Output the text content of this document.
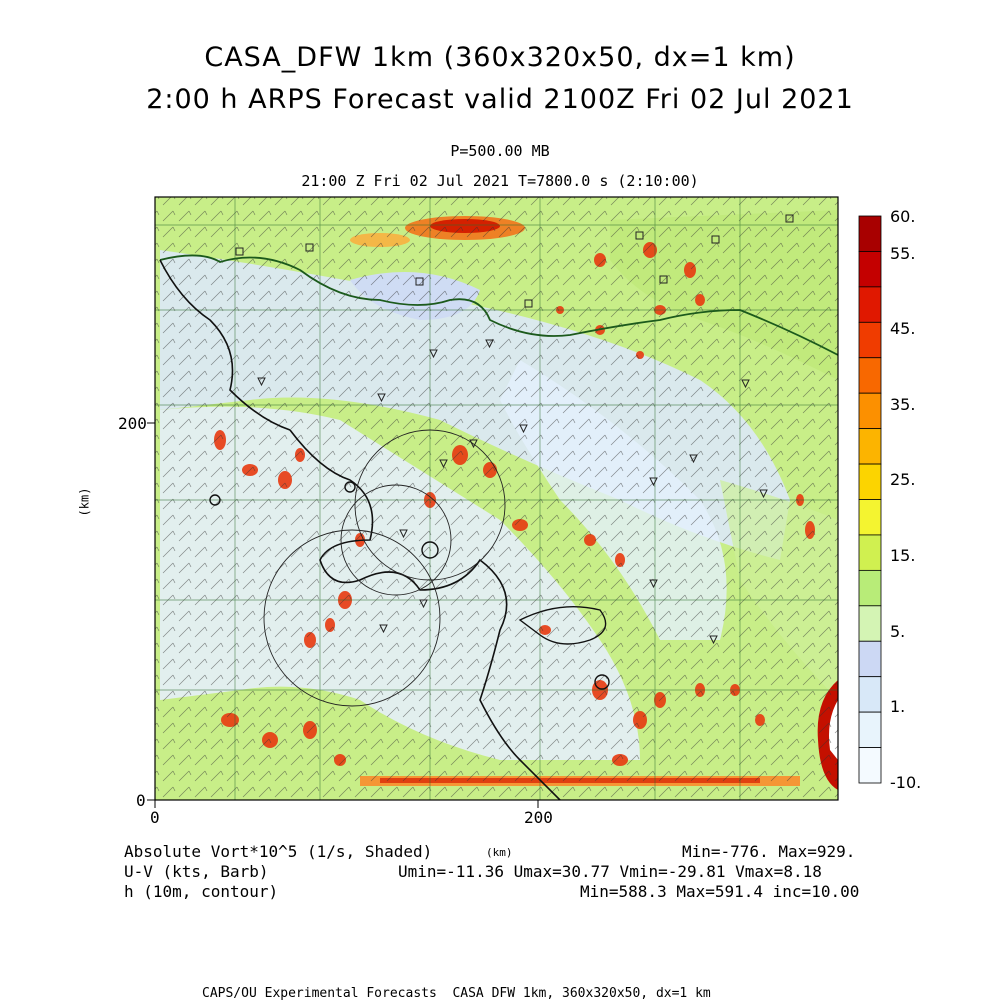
CASA_DFW 1km (360x320x50, dx=1 km)
2:00 h ARPS Forecast valid 2100Z Fri 02 Jul 2021
P=500.00 MB
21:00 Z Fri 02 Jul 2021 T=7800.0 s (2:10:00)
0	200
0
200
(km)
60.
55.
45.
35.
25.
15.
5.
1.
-10.
Absolute Vort*10^5 (1/s, Shaded)	(km)	Min=-776. Max=929.
U-V (kts, Barb)	Umin=-11.36 Umax=30.77 Vmin=-29.81 Vmax=8.18
h (10m, contour)	Min=588.3 Max=591.4 inc=10.00
CAPS/OU Experimental Forecasts  CASA DFW 1km, 360x320x50, dx=1 km
